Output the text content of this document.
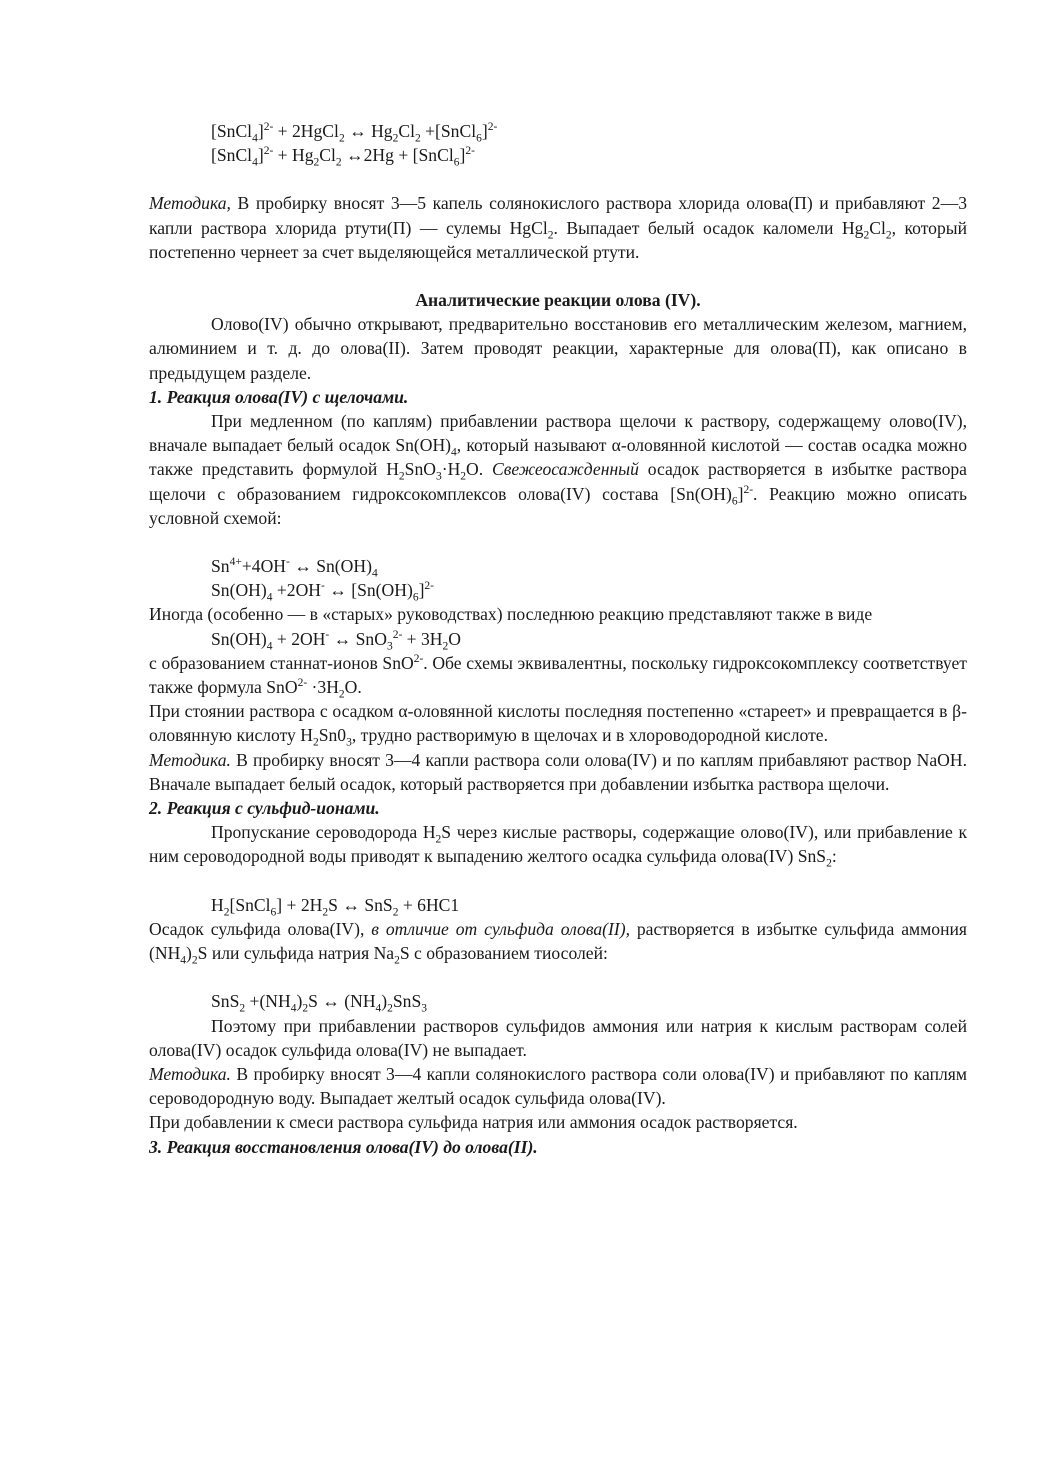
[SnCl$_4$]$^{2-}$ + 2HgCl$_2$ ↔ $Hg_2Cl_2$ +[SnCl$_6$]$^{2-}$
[SnCl$_4$]$^{2-}$ + $Hg_2Cl_2$ ↔2Hg + [SnCl$_6$]$^{2-}$

Методика, В пробирку вносят 3—5 капель солянокислого раствора хлорида олова(П) и прибавляют 2—3 капли раствора хлорида ртути(П) — сулемы HgCl$_2$. Выпадает белый осадок каломели $Hg_2Cl_2$, который постепенно чернеет за счет выделяющейся металлической ртути.

Аналитические реакции олова (IV).

Олово(IV) обычно открывают, предварительно восстановив его металлическим железом, магнием, алюминием и т. д. до олова(II). Затем проводят реакции, характерные для олова(П), как описано в предыдущем разделе.

1. Реакция олова(IV) с щелочами.

При медленном (по каплям) прибавлении раствора щелочи к раствору, содержащему олово(IV), вначале выпадает белый осадок $Sn(OH)_4$, который называют α-оловянной кислотой — состав осадка можно также представить формулой $H_2SnO_3\cdot H_2O$. Свежеосажденный осадок растворяется в избытке раствора щелочи с образованием гидроксокомплексов олова(IV) состава $[Sn(OH)_6]^{2-}$. Реакцию можно описать условной схемой:

$Sn^{4+}+4OH^-$ ↔ $Sn(OH)_4$
$Sn(OH)_4 +2OH^-$ ↔ $[Sn(OH)_6]^{2-}$

Иногда (особенно — в «старых» руководствах) последнюю реакцию представляют также в виде

$Sn(OH)_4 + 2OH^-$ ↔ $SnO_3^{2-} + 3H_2O$

с образованием станнат-ионов SnO$^{2-}$. Обе схемы эквивалентны, поскольку гидроксокомплексу соответствует также формула $SnO^{2-} \cdot 3H_2O$.

При стоянии раствора с осадком α-оловянной кислоты последняя постепенно «стареет» и превращается в β-оловянную кислоту $H_2Sn0_3$, трудно растворимую в щелочах и в хлороводородной кислоте.

Методика. В пробирку вносят 3—4 капли раствора соли олова(IV) и по каплям прибавляют раствор NaOH. Вначале выпадает белый осадок, который растворяется при добавлении избытка раствора щелочи.

2. Реакция с сульфид-ионами.

Пропускание сероводорода $H_2S$ через кислые растворы, содержащие олово(IV), или прибавление к ним сероводородной воды приводят к выпадению желтого осадка сульфида олова(IV) SnS$_2$:

$H_2[SnCl_6] + 2H_2S$ ↔ SnS$_2$ + 6HC1

Осадок сульфида олова(IV), в отличие от сульфида олова(II), растворяется в избытке сульфида аммония $(NH_4)_2S$ или сульфида натрия $Na_2S$ с образованием тиосолей:

$SnS_2 +(NH_4)_2S$ ↔ $(NH_4)_2SnS_3$

Поэтому при прибавлении растворов сульфидов аммония или натрия к кислым растворам солей олова(IV) осадок сульфида олова(IV) не выпадает.

Методика. В пробирку вносят 3—4 капли солянокислого раствора соли олова(IV) и прибавляют по каплям сероводородную воду. Выпадает желтый осадок сульфида олова(IV).

При добавлении к смеси раствора сульфида натрия или аммония осадок растворяется.

3. Реакция восстановления олова(IV) до олова(II).
